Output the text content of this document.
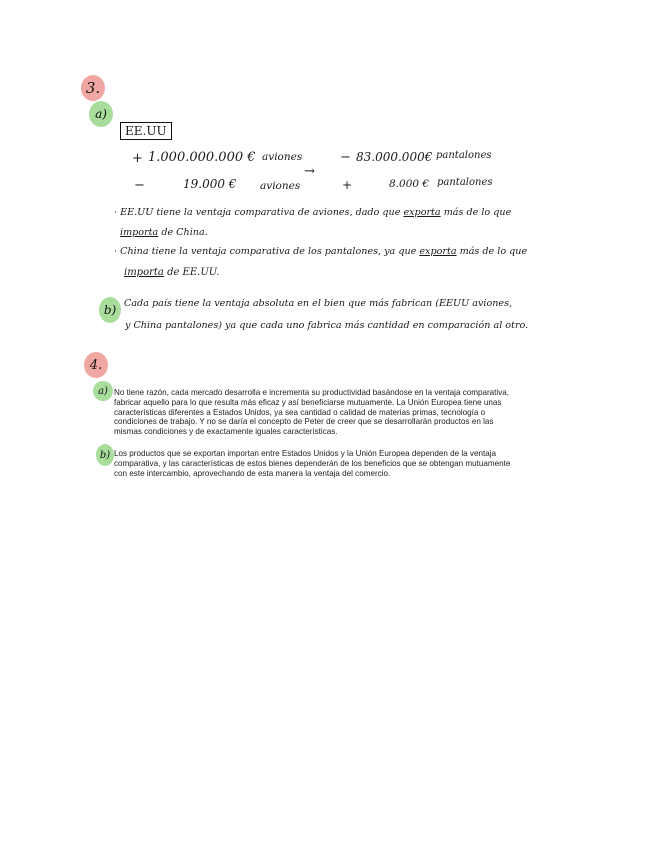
3.
a)
EE.UU
+ 1.000.000.000 € aviones	− 83.000.000€ pantalones
→
−	19.000 € aviones	+	8.000 € pantalones
· EE.UU tiene la ventaja comparativa de aviones, dado que exporta más de lo que
importa de China.
· China tiene la ventaja comparativa de los pantalones, ya que exporta más de lo que
importa de EE.UU.
b) Cada país tiene la ventaja absoluta en el bien que más fabrican (EEUU aviones,
y China pantalones) ya que cada uno fabrica más cantidad en comparación al otro.
4.
a) No tiene razón, cada mercado desarrolla e incrementa su productividad basándose en la ventaja comparativa,

fabricar aquello para lo que resulta más eficaz y así beneficiarse mutuamente. La Unión Europea tiene unas

características diferentes a Estados Unidos, ya sea cantidad o calidad de materias primas, tecnología o

condiciones de trabajo. Y no se daría el concepto de Peter de creer que se desarrollarán productos en las

mismas condiciones y de exactamente iguales características.

b) Los productos que se exportan importan entre Estados Unidos y la Unión Europea dependen de la ventaja

comparativa, y las características de estos bienes dependerán de los beneficios que se obtengan mutuamente

con este intercambio, aprovechando de esta manera la ventaja del comercio.
